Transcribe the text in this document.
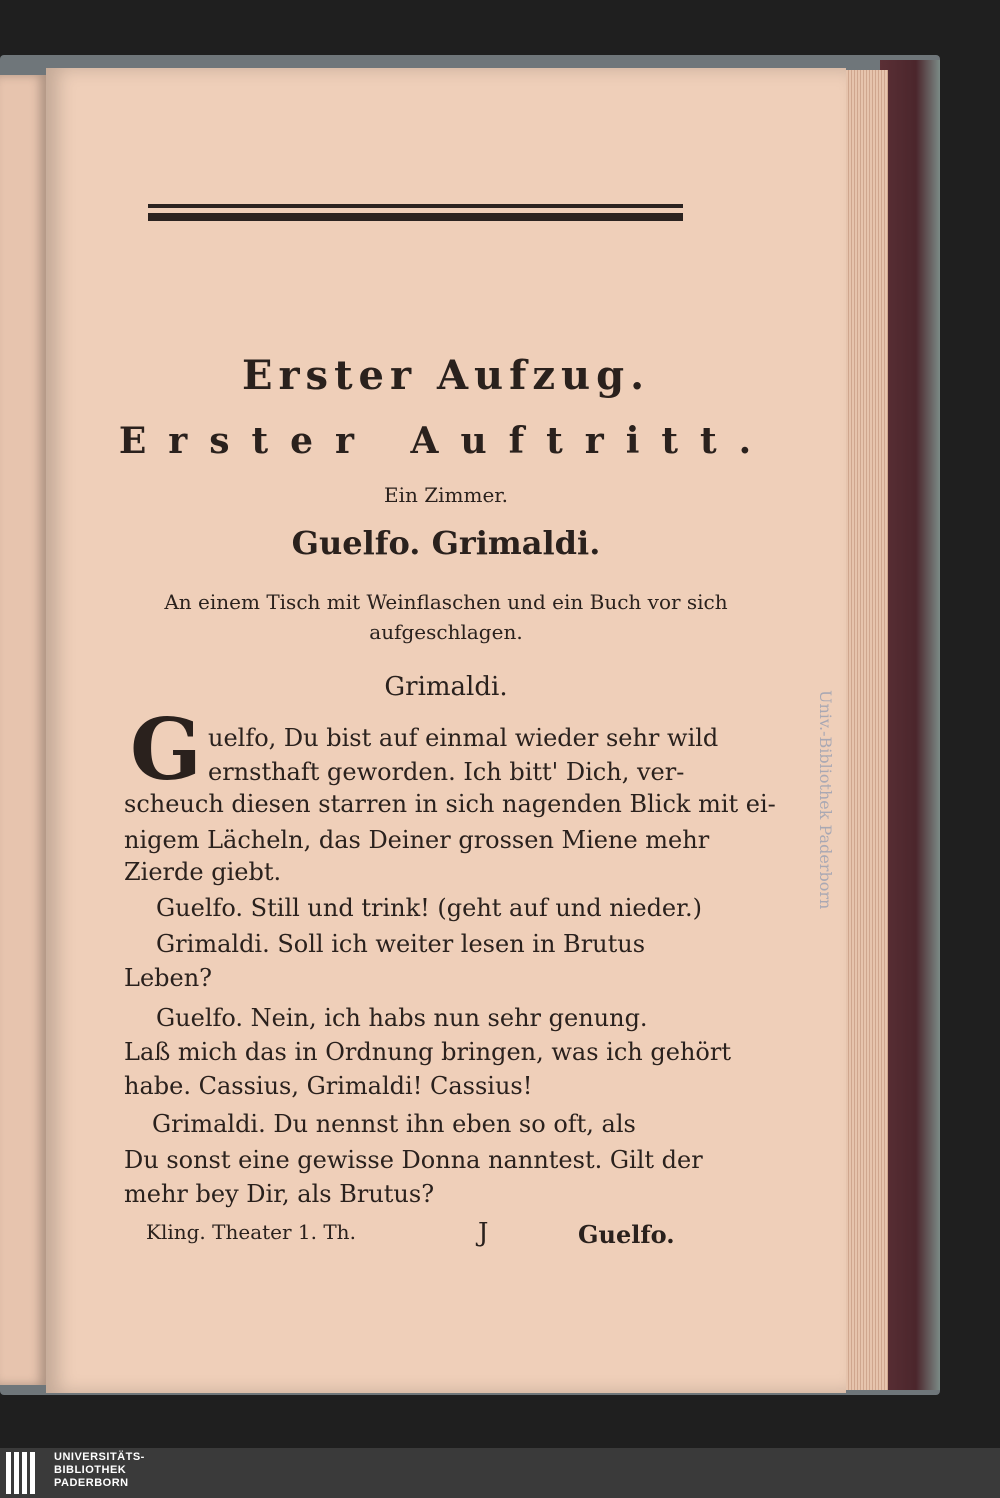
Univ.-Bibliothek Paderborn
Erster Aufzug.
Erster Auftritt.
Ein Zimmer.
Guelfo. Grimaldi.
An einem Tisch mit Weinflaschen und ein Buch vor sich
aufgeschlagen.
Grimaldi.
G uelfo, Du bist auf einmal wieder sehr wild
ernsthaft geworden. Ich bitt' Dich, ver-
scheuch diesen starren in sich nagenden Blick mit ei-
nigem Lächeln, das Deiner grossen Miene mehr
Zierde giebt.
Guelfo. Still und trink! (geht auf und nieder.)
Grimaldi. Soll ich weiter lesen in Brutus
Leben?
Guelfo. Nein, ich habs nun sehr genung.
Laß mich das in Ordnung bringen, was ich gehört
habe. Cassius, Grimaldi! Cassius!
Grimaldi. Du nennst ihn eben so oft, als
Du sonst eine gewisse Donna nanntest. Gilt der
mehr bey Dir, als Brutus?
Kling. Theater 1. Th.	J	Guelfo.
UNIVERSITÄTS-
BIBLIOTHEK
PADERBORN
